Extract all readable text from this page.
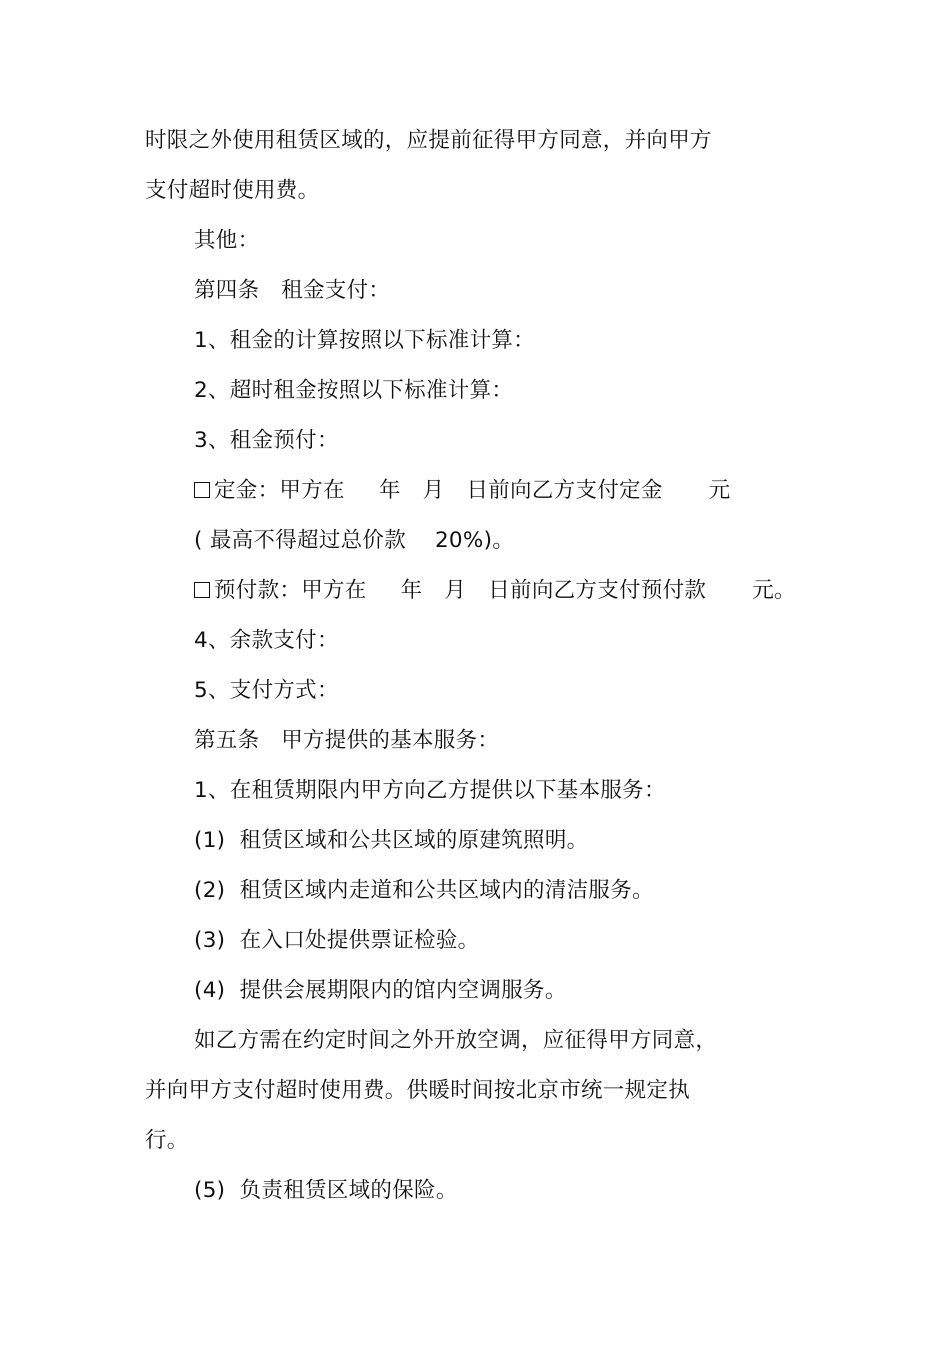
时限之外使用租赁区域的，应提前征得甲方同意，并向甲方
支付超时使用费。
其他：
第四条　租金支付：
1、租金的计算按照以下标准计算：
2、超时租金按照以下标准计算：
3、租金预付：
定金：甲方在 年 月 日前向乙方支付定金 元
( 最高不得超过总价款　 20%)。
预付款：甲方在 年 月 日前向乙方支付预付款 元。
4、余款支付：
5、支付方式：
第五条　甲方提供的基本服务：
1、在租赁期限内甲方向乙方提供以下基本服务：
(1)  租赁区域和公共区域的原建筑照明。
(2)  租赁区域内走道和公共区域内的清洁服务。
(3)  在入口处提供票证检验。
(4)  提供会展期限内的馆内空调服务。
如乙方需在约定时间之外开放空调，应征得甲方同意，
并向甲方支付超时使用费。供暖时间按北京市统一规定执
行。
(5)  负责租赁区域的保险。
